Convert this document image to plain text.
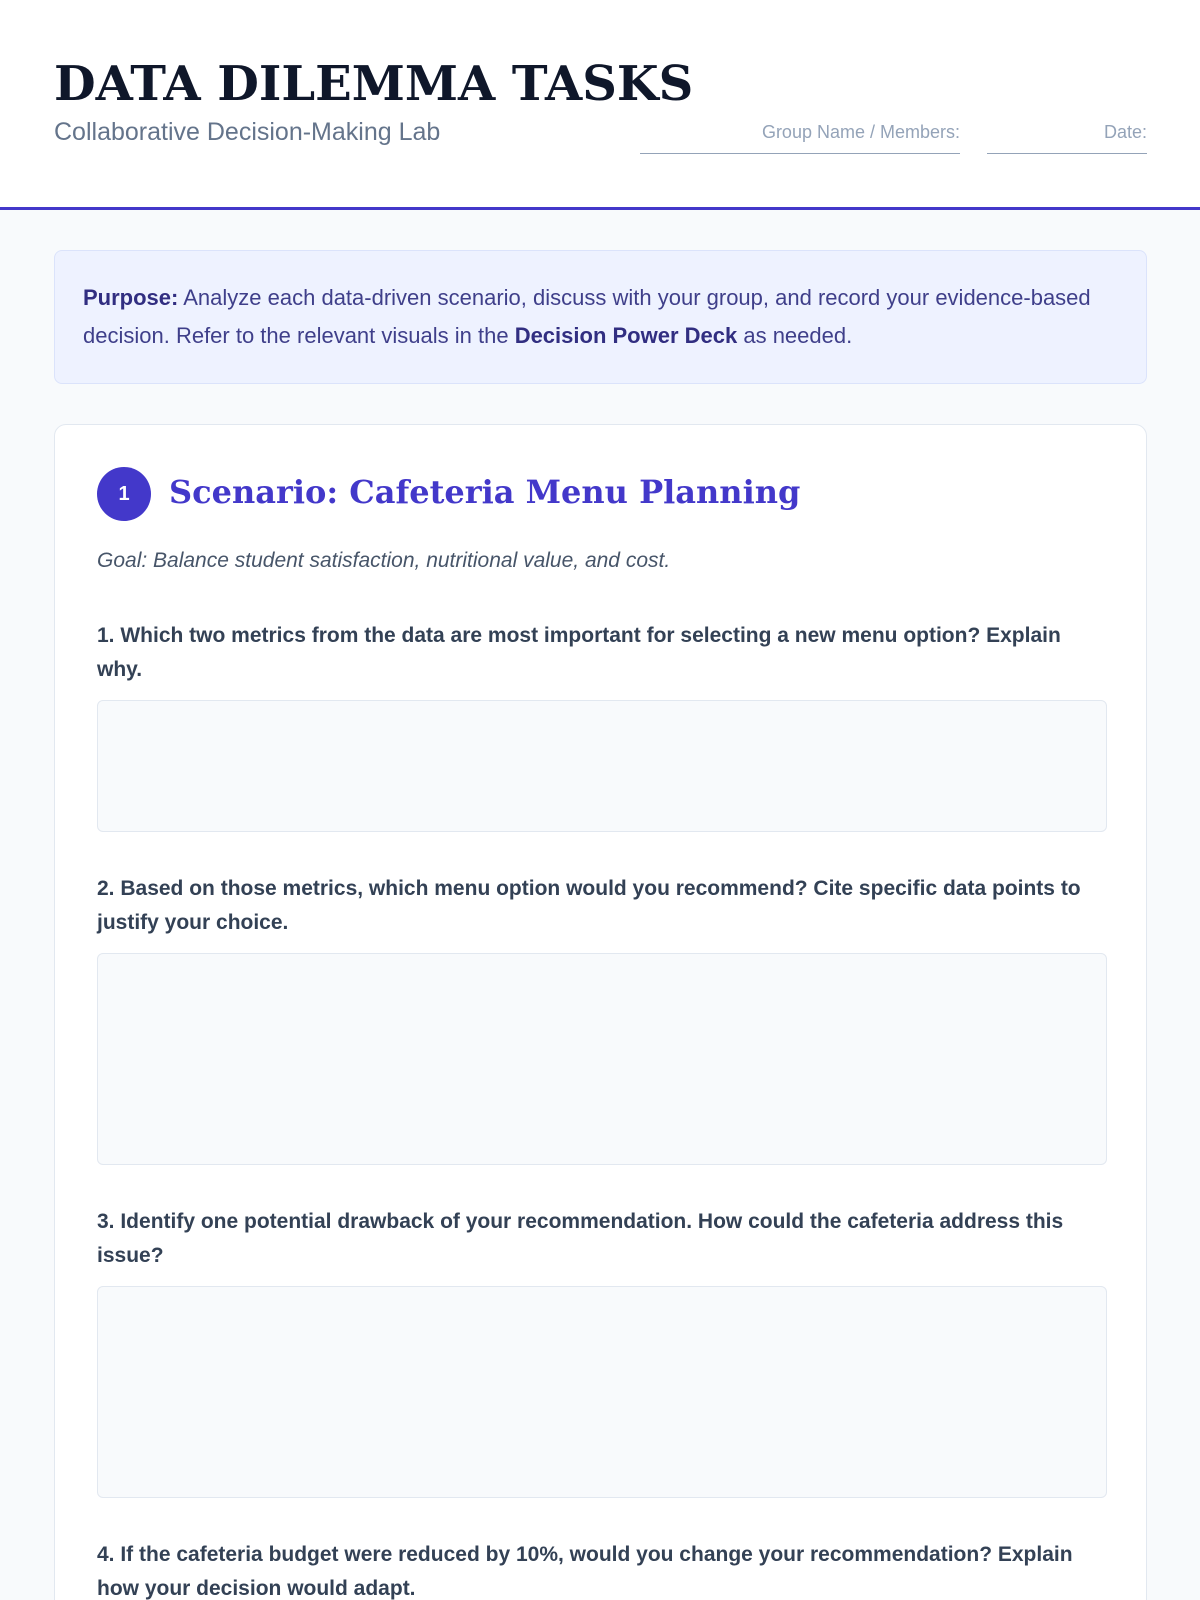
DATA DILEMMA TASKS
Collaborative Decision-Making Lab	Group Name / Members:	Date:
Purpose: Analyze each data-driven scenario, discuss with your group, and record your evidence-based decision. Refer to the relevant visuals in the Decision Power Deck as needed.
1	Scenario: Cafeteria Menu Planning
Goal: Balance student satisfaction, nutritional value, and cost.
1. Which two metrics from the data are most important for selecting a new menu option? Explain why.
2. Based on those metrics, which menu option would you recommend? Cite specific data points to justify your choice.
3. Identify one potential drawback of your recommendation. How could the cafeteria address this issue?
4. If the cafeteria budget were reduced by 10%, would you change your recommendation? Explain how your decision would adapt.
